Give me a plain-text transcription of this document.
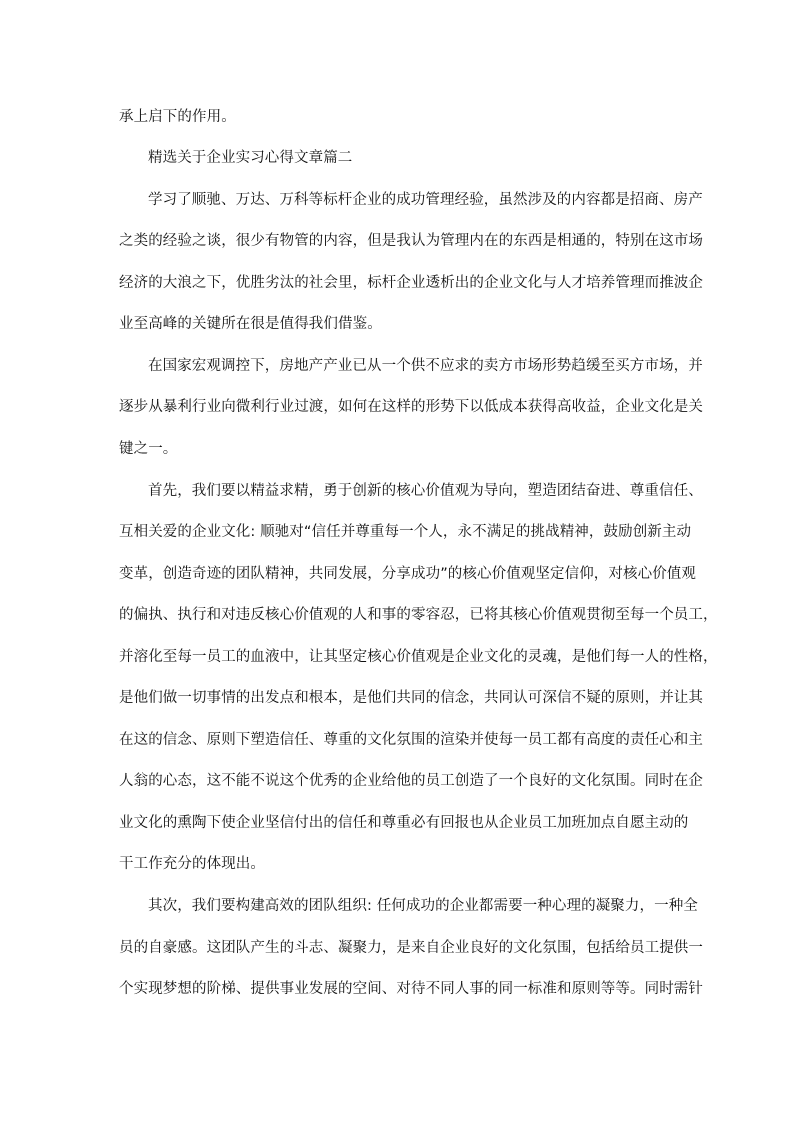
承上启下的作用。
精选关于企业实习心得文章篇二
学习了顺驰、万达、万科等标杆企业的成功管理经验，虽然涉及的内容都是招商、房产
之类的经验之谈，很少有物管的内容，但是我认为管理内在的东西是相通的，特别在这市场
经济的大浪之下，优胜劣汰的社会里，标杆企业透析出的企业文化与人才培养管理而推波企
业至高峰的关键所在很是值得我们借鉴。
在国家宏观调控下，房地产产业已从一个供不应求的卖方市场形势趋缓至买方市场，并
逐步从暴利行业向微利行业过渡，如何在这样的形势下以低成本获得高收益，企业文化是关
键之一。
首先，我们要以精益求精，勇于创新的核心价值观为导向，塑造团结奋进、尊重信任、
互相关爱的企业文化: 顺驰对“信任并尊重每一个人，永不满足的挑战精神，鼓励创新主动
变革，创造奇迹的团队精神，共同发展，分享成功”的核心价值观坚定信仰，对核心价值观
的偏执、执行和对违反核心价值观的人和事的零容忍，已将其核心价值观贯彻至每一个员工，
并溶化至每一员工的血液中，让其坚定核心价值观是企业文化的灵魂，是他们每一人的性格，
是他们做一切事情的出发点和根本，是他们共同的信念，共同认可深信不疑的原则，并让其
在这的信念、原则下塑造信任、尊重的文化氛围的渲染并使每一员工都有高度的责任心和主
人翁的心态，这不能不说这个优秀的企业给他的员工创造了一个良好的文化氛围。同时在企
业文化的熏陶下使企业坚信付出的信任和尊重必有回报也从企业员工加班加点自愿主动的
干工作充分的体现出。
其次，我们要构建高效的团队组织: 任何成功的企业都需要一种心理的凝聚力，一种全
员的自豪感。这团队产生的斗志、凝聚力，是来自企业良好的文化氛围，包括给员工提供一
个实现梦想的阶梯、提供事业发展的空间、对待不同人事的同一标准和原则等等。同时需针
